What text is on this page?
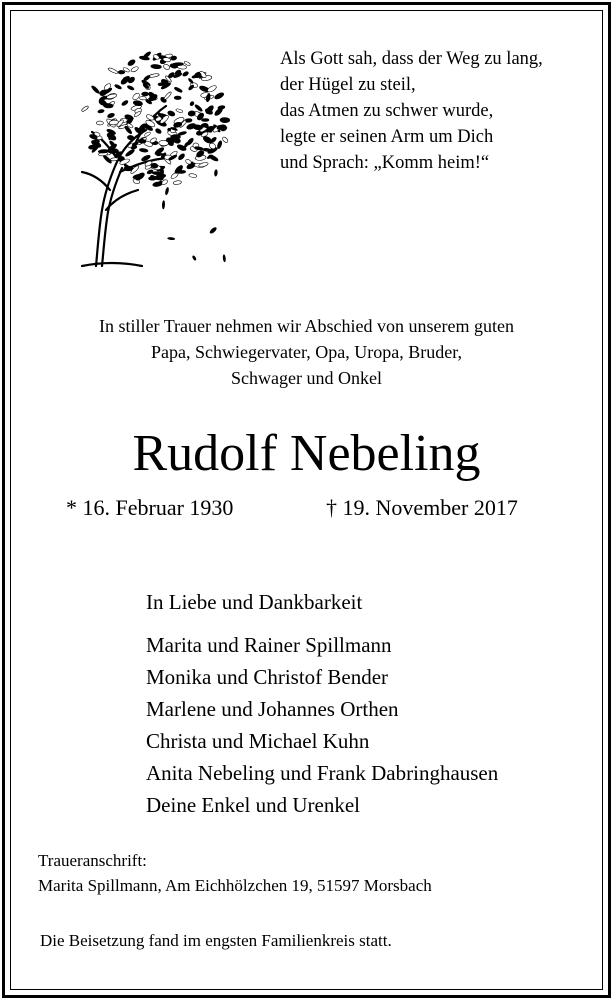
Als Gott sah, dass der Weg zu lang,
der Hügel zu steil,
das Atmen zu schwer wurde,
legte er seinen Arm um Dich
und Sprach: „Komm heim!“
In stiller Trauer nehmen wir Abschied von unserem guten
Papa, Schwiegervater, Opa, Uropa, Bruder,
Schwager und Onkel
Rudolf Nebeling
* 16. Februar 1930	† 19. November 2017
In Liebe und Dankbarkeit
Marita und Rainer Spillmann
Monika und Christof Bender
Marlene und Johannes Orthen
Christa und Michael Kuhn
Anita Nebeling und Frank Dabringhausen
Deine Enkel und Urenkel
Traueranschrift:
Marita Spillmann, Am Eichhölzchen 19, 51597 Morsbach
Die Beisetzung fand im engsten Familienkreis statt.
